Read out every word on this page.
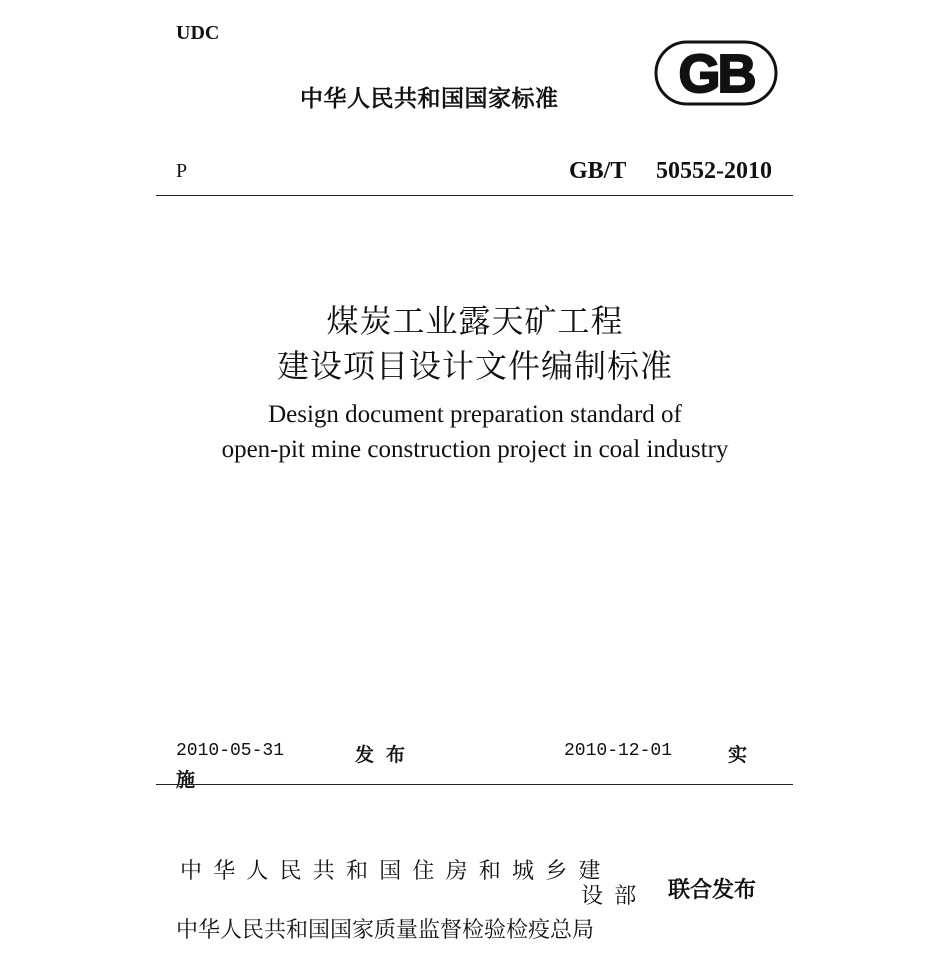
UDC
中华人民共和国国家标准 GB
P	GB/T 50552-2010
煤炭工业露天矿工程
建设项目设计文件编制标准
Design document preparation standard of
open-pit mine construction project in coal industry
2010-05-31	发布	2010-12-01	实
施
中华人民共和国住房和城乡建
设部 联合发布
中华人民共和国国家质量监督检验检疫总局
